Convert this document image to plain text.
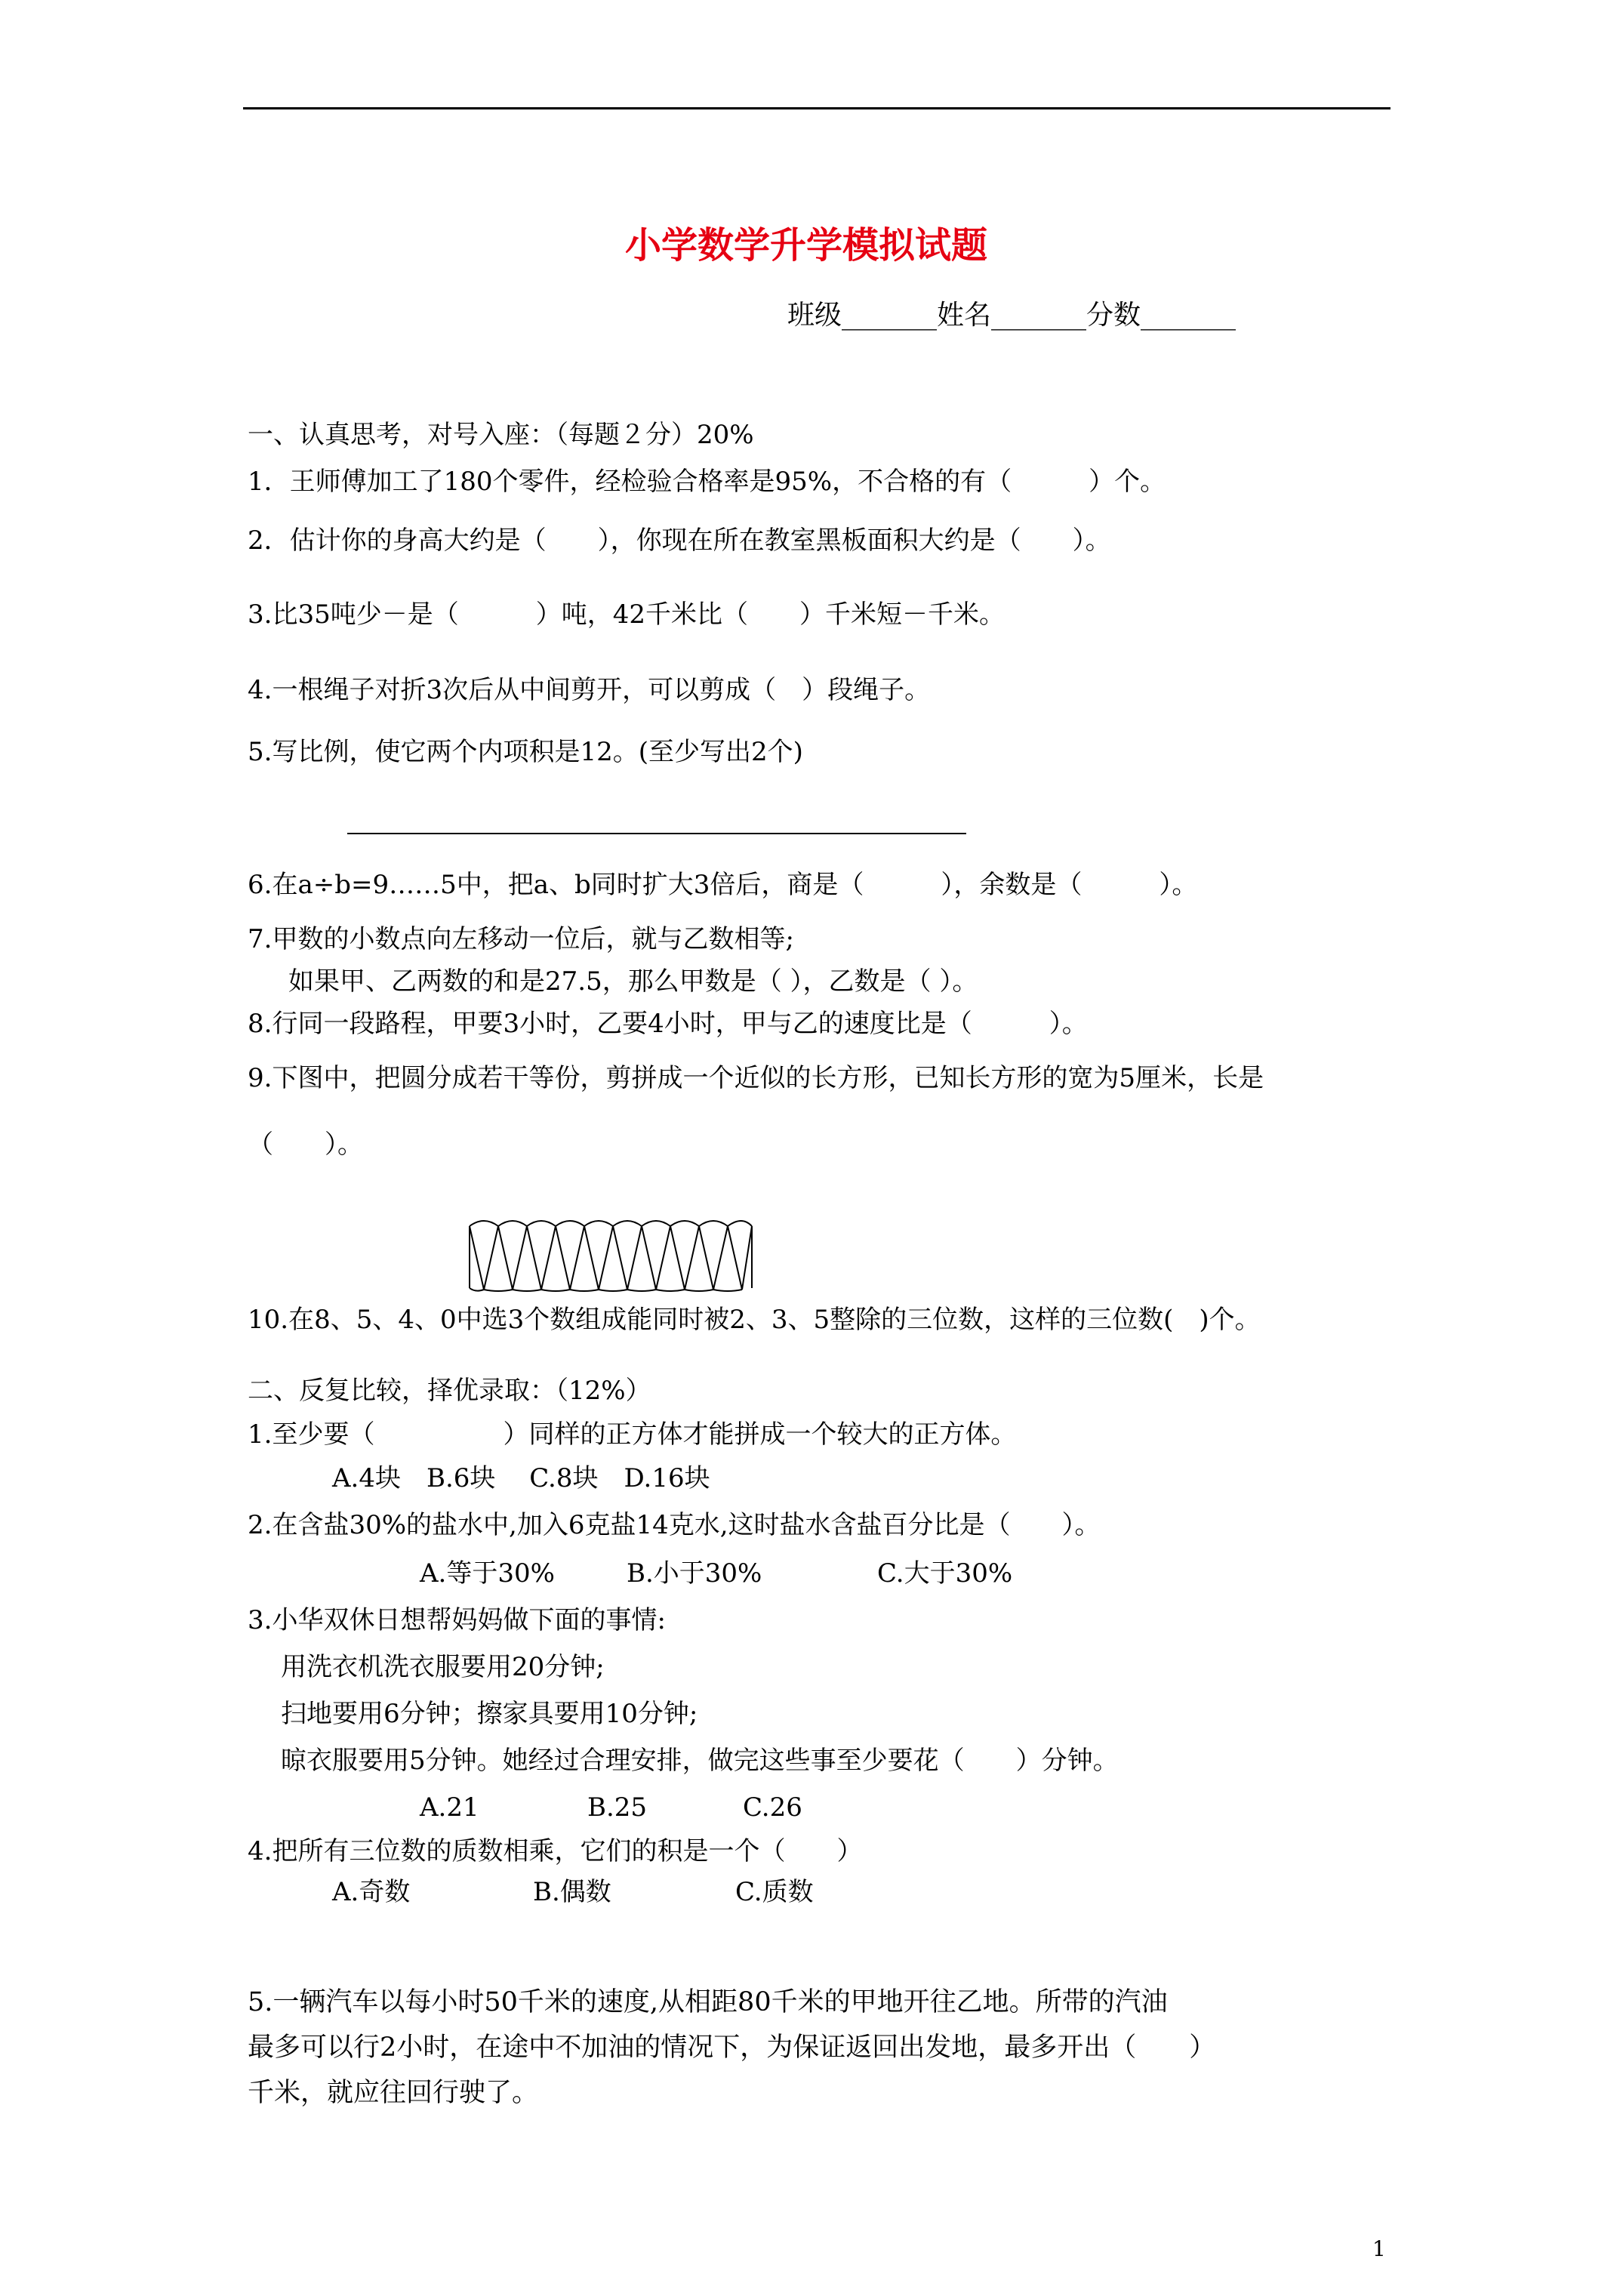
小学数学升学模拟试题
班级_______姓名_______分数_______
一、认真思考，对号入座：（每题２分）20%
1．王师傅加工了180个零件，经检验合格率是95%，不合格的有（　　　）个。
2．估计你的身高大约是（　　），你现在所在教室黑板面积大约是（　　）。
3.比35吨少－是（　　　）吨，42千米比（　　）千米短－千米。
4.一根绳子对折3次后从中间剪开，可以剪成（　）段绳子。
5.写比例，使它两个内项积是12。(至少写出2个)
6.在a÷b=9……5中，把a、b同时扩大3倍后，商是（　　　），余数是（　　　）。
7.甲数的小数点向左移动一位后，就与乙数相等;
如果甲、乙两数的和是27.5，那么甲数是（ ），乙数是（ ）。
8.行同一段路程，甲要3小时，乙要4小时，甲与乙的速度比是（　　　）。
9.下图中，把圆分成若干等份，剪拼成一个近似的长方形，已知长方形的宽为5厘米，长是
（　　）。
10.在8、5、4、0中选3个数组成能同时被2、3、5整除的三位数，这样的三位数(　)个。
二、反复比较，择优录取：（12%）
1.至少要（　　　　　）同样的正方体才能拼成一个较大的正方体。
A.4块　B.6块　 C.8块　D.16块
2.在含盐30%的盐水中,加入6克盐14克水,这时盐水含盐百分比是（　　）。
A.等于30%	B.小于30%	C.大于30%
3.小华双休日想帮妈妈做下面的事情:
用洗衣机洗衣服要用20分钟;
扫地要用6分钟；擦家具要用10分钟;
晾衣服要用5分钟。她经过合理安排，做完这些事至少要花（　　）分钟。
A.21	B.25	C.26
4.把所有三位数的质数相乘，它们的积是一个（　　）
A.奇数	B.偶数	C.质数
5.一辆汽车以每小时50千米的速度,从相距80千米的甲地开往乙地。所带的汽油
最多可以行2小时，在途中不加油的情况下，为保证返回出发地，最多开出（　　）
千米，就应往回行驶了。
1
